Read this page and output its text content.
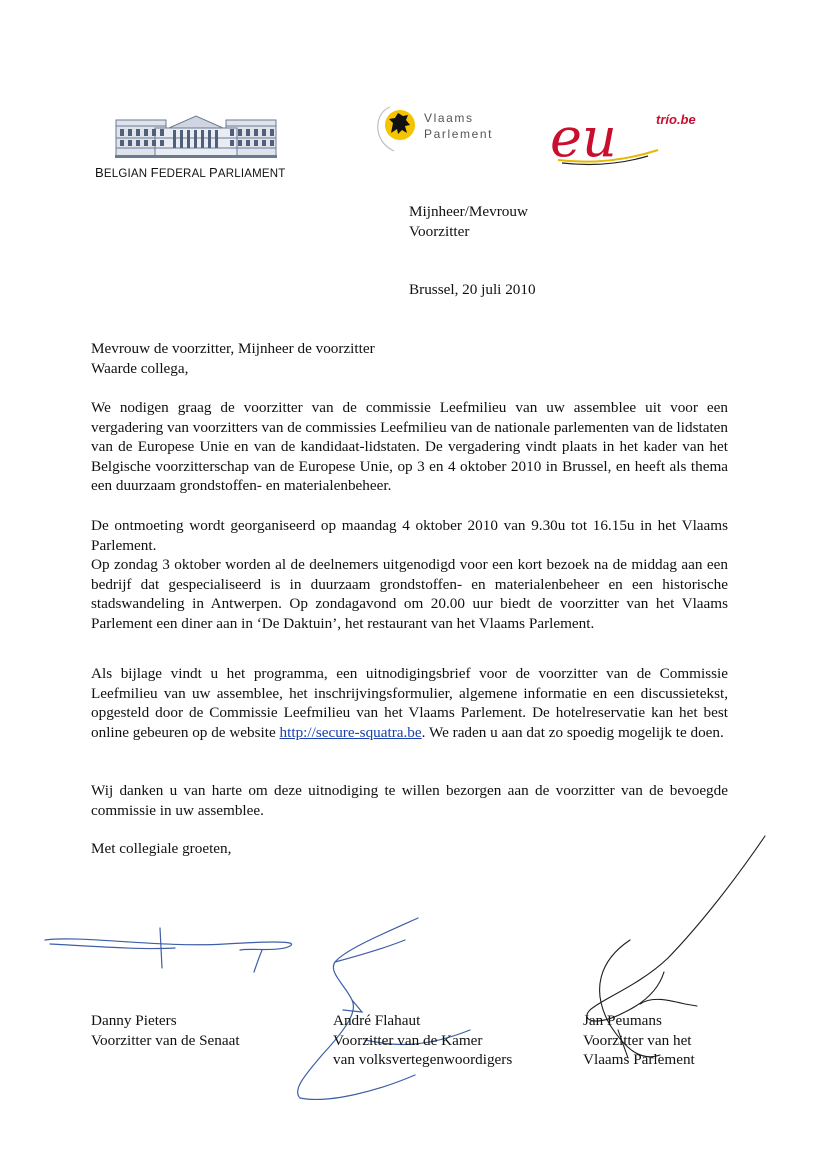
BELGIAN FEDERAL PARLIAMENT
Vlaams
Parlement eu	trío.be
Mijnheer/Mevrouw
Voorzitter
Brussel, 20 juli 2010
Mevrouw de voorzitter, Mijnheer de voorzitter
Waarde collega,

We nodigen graag de voorzitter van de commissie Leefmilieu van uw assemblee uit voor een vergadering van voorzitters van de commissies Leefmilieu van de nationale parlementen van de lidstaten van de Europese Unie en van de kandidaat-lidstaten. De vergadering vindt plaats in het kader van het Belgische voorzitterschap van de Europese Unie, op 3 en 4 oktober 2010 in Brussel, en heeft als thema een duurzaam grondstoffen- en materialenbeheer.

De ontmoeting wordt georganiseerd op maandag 4 oktober 2010 van 9.30u tot 16.15u in het Vlaams Parlement.

Op zondag 3 oktober worden al de deelnemers uitgenodigd voor een kort bezoek na de middag aan een bedrijf dat gespecialiseerd is in duurzaam grondstoffen- en materialenbeheer en een historische stadswandeling in Antwerpen. Op zondagavond om 20.00 uur biedt de voorzitter van het Vlaams Parlement een diner aan in ‘De Daktuin’, het restaurant van het Vlaams Parlement.

Als bijlage vindt u het programma, een uitnodigingsbrief voor de voorzitter van de Commissie Leefmilieu van uw assemblee, het inschrijvingsformulier, algemene informatie en een discussietekst, opgesteld door de Commissie Leefmilieu van het Vlaams Parlement. De hotelreservatie kan het best online gebeuren op de website http://secure-squatra.be. We raden u aan dat zo spoedig mogelijk te doen.

Wij danken u van harte om deze uitnodiging te willen bezorgen aan de voorzitter van de bevoegde commissie in uw assemblee.

Met collegiale groeten,
Danny Pieters
Voorzitter van de Senaat
André Flahaut
Voorzitter van de Kamer
van volksvertegenwoordigers
Jan Peumans
Voorzitter van het
Vlaams Parlement
